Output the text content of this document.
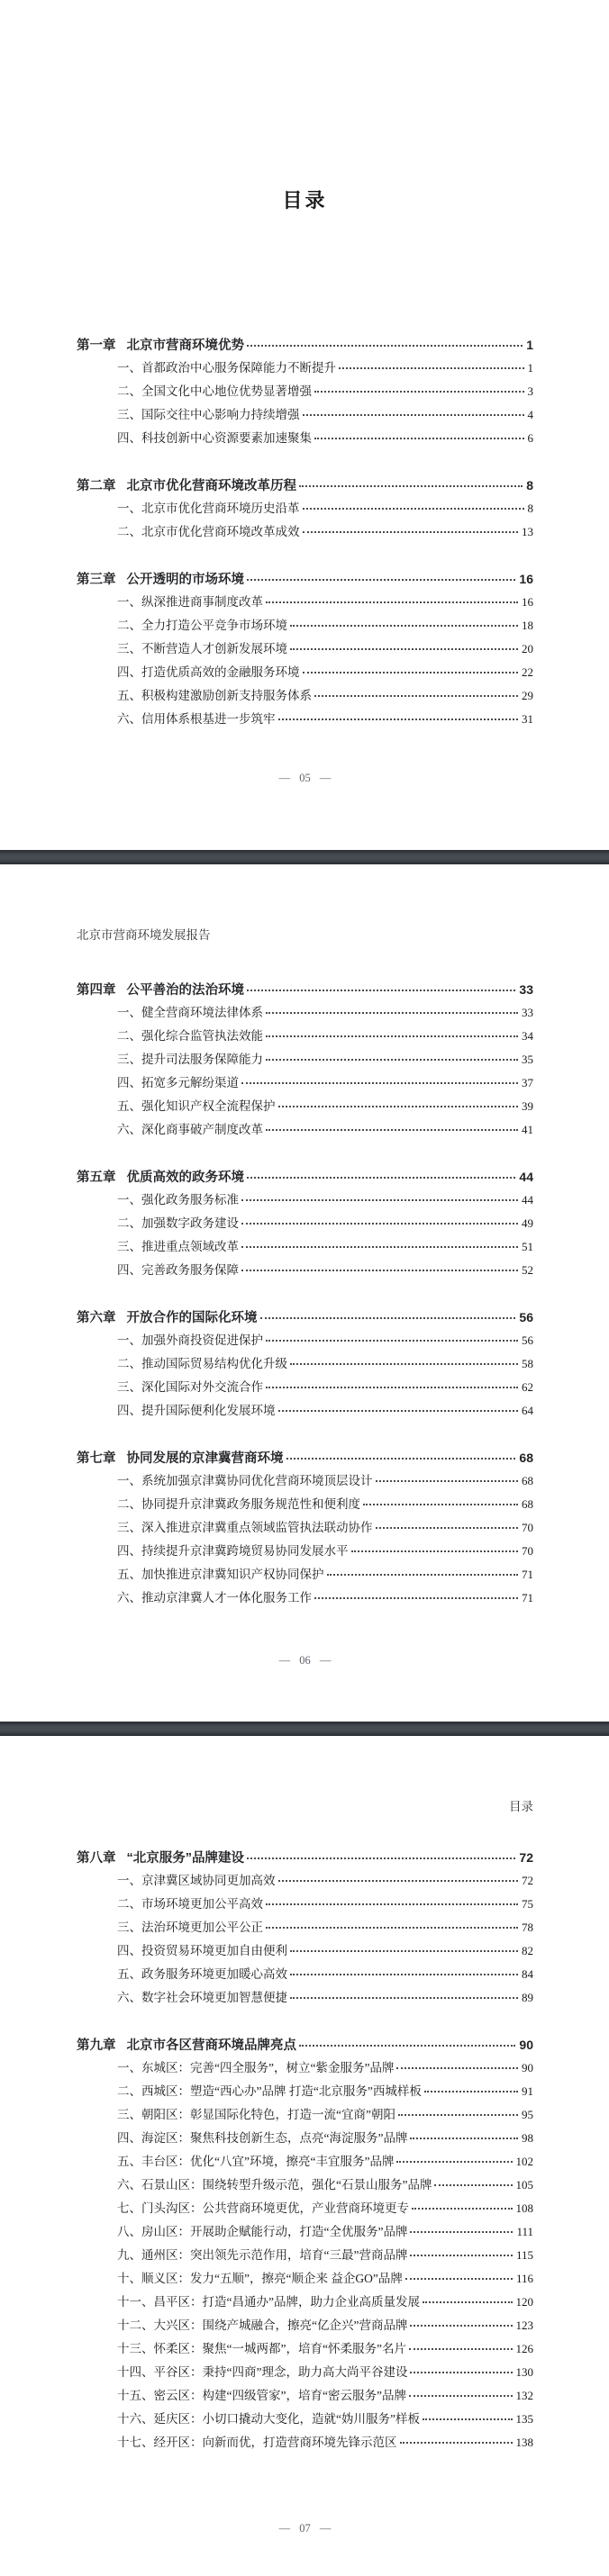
目录
第一章 北京市营商环境优势	1
一、首都政治中心服务保障能力不断提升	1
二、全国文化中心地位优势显著增强	3
三、国际交往中心影响力持续增强	4
四、科技创新中心资源要素加速聚集	6
第二章 北京市优化营商环境改革历程	8
一、北京市优化营商环境历史沿革	8
二、北京市优化营商环境改革成效	13
第三章 公开透明的市场环境	16
一、纵深推进商事制度改革	16
二、全力打造公平竞争市场环境	18
三、不断营造人才创新发展环境	20
四、打造优质高效的金融服务环境	22
五、积极构建激励创新支持服务体系	29
六、信用体系根基进一步筑牢	31
— 05 —
北京市营商环境发展报告
第四章 公平善治的法治环境	33
一、健全营商环境法律体系	33
二、强化综合监管执法效能	34
三、提升司法服务保障能力	35
四、拓宽多元解纷渠道	37
五、强化知识产权全流程保护	39
六、深化商事破产制度改革	41
第五章 优质高效的政务环境	44
一、强化政务服务标准	44
二、加强数字政务建设	49
三、推进重点领域改革	51
四、完善政务服务保障	52
第六章 开放合作的国际化环境	56
一、加强外商投资促进保护	56
二、推动国际贸易结构优化升级	58
三、深化国际对外交流合作	62
四、提升国际便利化发展环境	64
第七章 协同发展的京津冀营商环境	68
一、系统加强京津冀协同优化营商环境顶层设计	68
二、协同提升京津冀政务服务规范性和便利度	68
三、深入推进京津冀重点领域监管执法联动协作	70
四、持续提升京津冀跨境贸易协同发展水平	70
五、加快推进京津冀知识产权协同保护	71
六、推动京津冀人才一体化服务工作	71
— 06 —
目录
第八章 “北京服务”品牌建设	72
一、京津冀区域协同更加高效	72
二、市场环境更加公平高效	75
三、法治环境更加公平公正	78
四、投资贸易环境更加自由便利	82
五、政务服务环境更加暖心高效	84
六、数字社会环境更加智慧便捷	89
第九章 北京市各区营商环境品牌亮点	90
一、东城区：完善“四全服务”，树立“紫金服务”品牌	90
二、西城区：塑造“西心办”品牌 打造“北京服务”西城样板	91
三、朝阳区：彰显国际化特色，打造一流“宜商”朝阳	95
四、海淀区：聚焦科技创新生态，点亮“海淀服务”品牌	98
五、丰台区：优化“八宜”环境，擦亮“丰宜服务”品牌	102
六、石景山区：围绕转型升级示范，强化“石景山服务”品牌	105
七、门头沟区：公共营商环境更优，产业营商环境更专	108
八、房山区：开展助企赋能行动，打造“全优服务”品牌	111
九、通州区：突出领先示范作用，培育“三最”营商品牌	115
十、顺义区：发力“五顺”，擦亮“顺企来 益企GO”品牌	116
十一、昌平区：打造“昌通办”品牌，助力企业高质量发展	120
十二、大兴区：围绕产城融合，擦亮“亿企兴”营商品牌	123
十三、怀柔区：聚焦“一城两都”，培育“怀柔服务”名片	126
十四、平谷区：秉持“四商”理念，助力高大尚平谷建设	130
十五、密云区：构建“四级管家”，培育“密云服务”品牌	132
十六、延庆区：小切口撬动大变化，造就“妫川服务”样板	135
十七、经开区：向新而优，打造营商环境先锋示范区	138
— 07 —
